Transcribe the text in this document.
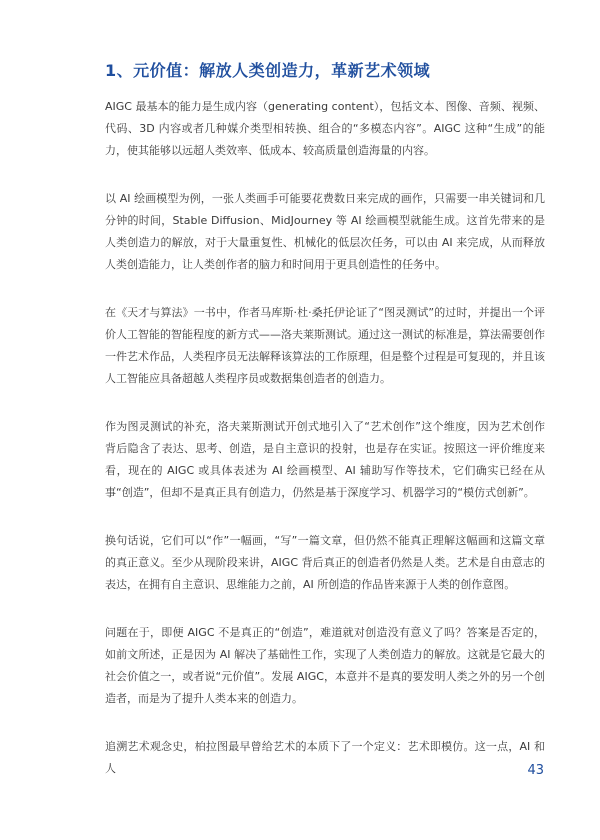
1、元价值：解放人类创造力，革新艺术领域

AIGC 最基本的能力是生成内容（generating content），包括文本、图像、音频、视频、代码、3D 内容或者几种媒介类型相转换、组合的“多模态内容”。AIGC 这种“生成”的能力，使其能够以远超人类效率、低成本、较高质量创造海量的内容。

以 AI 绘画模型为例，一张人类画手可能要花费数日来完成的画作，只需要一串关键词和几分钟的时间，Stable Diffusion、MidJourney 等 AI 绘画模型就能生成。这首先带来的是人类创造力的解放，对于大量重复性、机械化的低层次任务，可以由 AI 来完成，从而释放人类创造能力，让人类创作者的脑力和时间用于更具创造性的任务中。

在《天才与算法》一书中，作者马库斯·杜·桑托伊论证了“图灵测试”的过时，并提出一个评价人工智能的智能程度的新方式——洛夫莱斯测试。通过这一测试的标准是，算法需要创作一件艺术作品，人类程序员无法解释该算法的工作原理，但是整个过程是可复现的，并且该人工智能应具备超越人类程序员或数据集创造者的创造力。

作为图灵测试的补充，洛夫莱斯测试开创式地引入了“艺术创作”这个维度，因为艺术创作背后隐含了表达、思考、创造，是自主意识的投射，也是存在实证。按照这一评价维度来看，现在的 AIGC 或具体表述为 AI 绘画模型、AI 辅助写作等技术，它们确实已经在从事“创造”，但却不是真正具有创造力，仍然是基于深度学习、机器学习的“模仿式创新”。

换句话说，它们可以“作”一幅画，“写”一篇文章，但仍然不能真正理解这幅画和这篇文章的真正意义。至少从现阶段来讲，AIGC 背后真正的创造者仍然是人类。艺术是自由意志的表达，在拥有自主意识、思维能力之前，AI 所创造的作品皆来源于人类的创作意图。

问题在于，即便 AIGC 不是真正的“创造”，难道就对创造没有意义了吗？答案是否定的，如前文所述，正是因为 AI 解决了基础性工作，实现了人类创造力的解放。这就是它最大的社会价值之一，或者说“元价值”。发展 AIGC，本意并不是真的要发明人类之外的另一个创造者，而是为了提升人类本来的创造力。

追溯艺术观念史，柏拉图最早曾给艺术的本质下了一个定义：艺术即模仿。这一点，AI 和人	43
